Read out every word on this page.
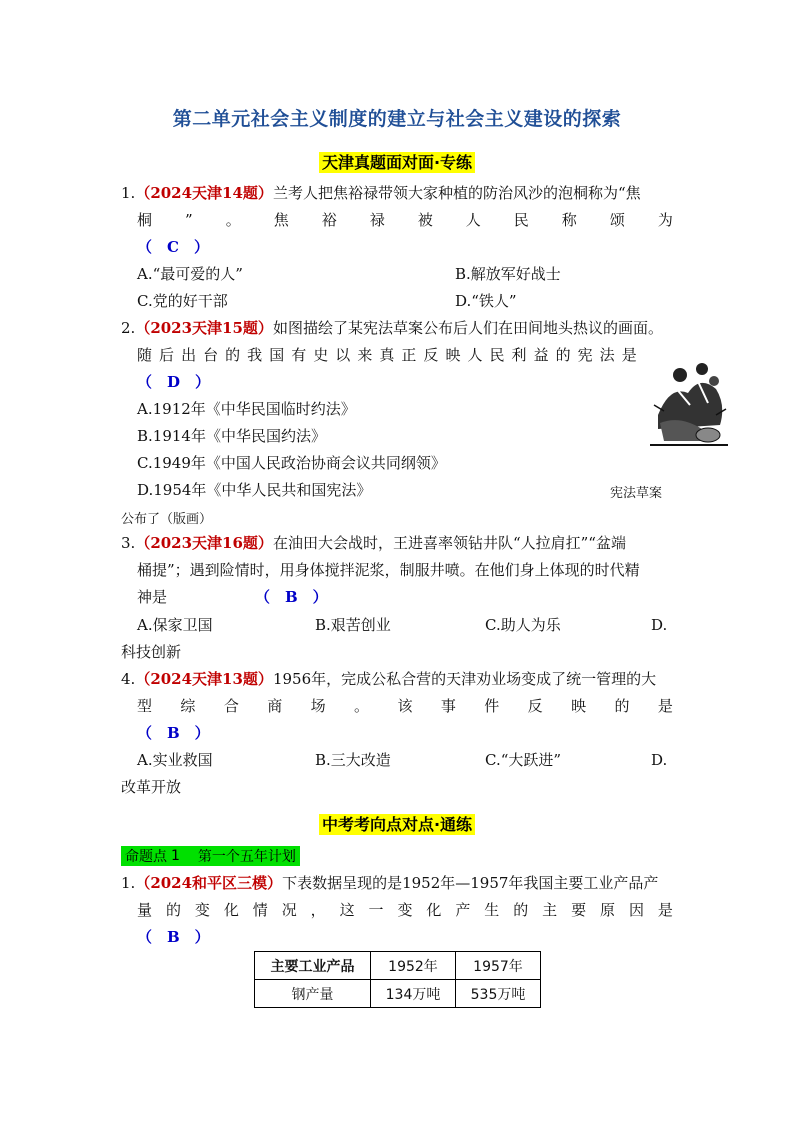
第二单元社会主义制度的建立与社会主义建设的探索
天津真题面对面·专练
1.（2024天津14题）兰考人把焦裕禄带领大家种植的防治风沙的泡桐称为“焦
桐 ” 。 焦 裕 禄 被 人 民 称 颂 为
（　C　）
A.“最可爱的人”	B.解放军好战士
C.党的好干部	D.“铁人”
2.（2023天津15题）如图描绘了某宪法草案公布后人们在田间地头热议的画面。
随 后 出 台 的 我 国 有 史 以 来 真 正 反 映 人 民 利 益 的 宪 法 是
（　D　）
A.1912年《中华民国临时约法》
B.1914年《中华民国约法》
C.1949年《中国人民政治协商会议共同纲领》
D.1954年《中华人民共和国宪法》	宪法草案
公布了（版画）
3.（2023天津16题）在油田大会战时，王进喜率领钻井队“人拉肩扛”“盆端
桶提”；遇到险情时，用身体搅拌泥浆，制服井喷。在他们身上体现的时代精
神是	（　B　）
A.保家卫国	B.艰苦创业	C.助人为乐	D.
科技创新
4.（2024天津13题）1956年，完成公私合营的天津劝业场变成了统一管理的大
型 综 合 商 场 。 该 事 件 反 映 的 是
（　B　）
A.实业救国	B.三大改造	C.“大跃进”	D.
改革开放
中考考向点对点·通练
命题点 1 第一个五年计划
1.（2024和平区三模）下表数据呈现的是1952年—1957年我国主要工业产品产
量 的 变 化 情 况 ， 这 一 变 化 产 生 的 主 要 原 因 是
（　B　）
主要工业产品	1952年	1957年
钢产量	134万吨	535万吨
